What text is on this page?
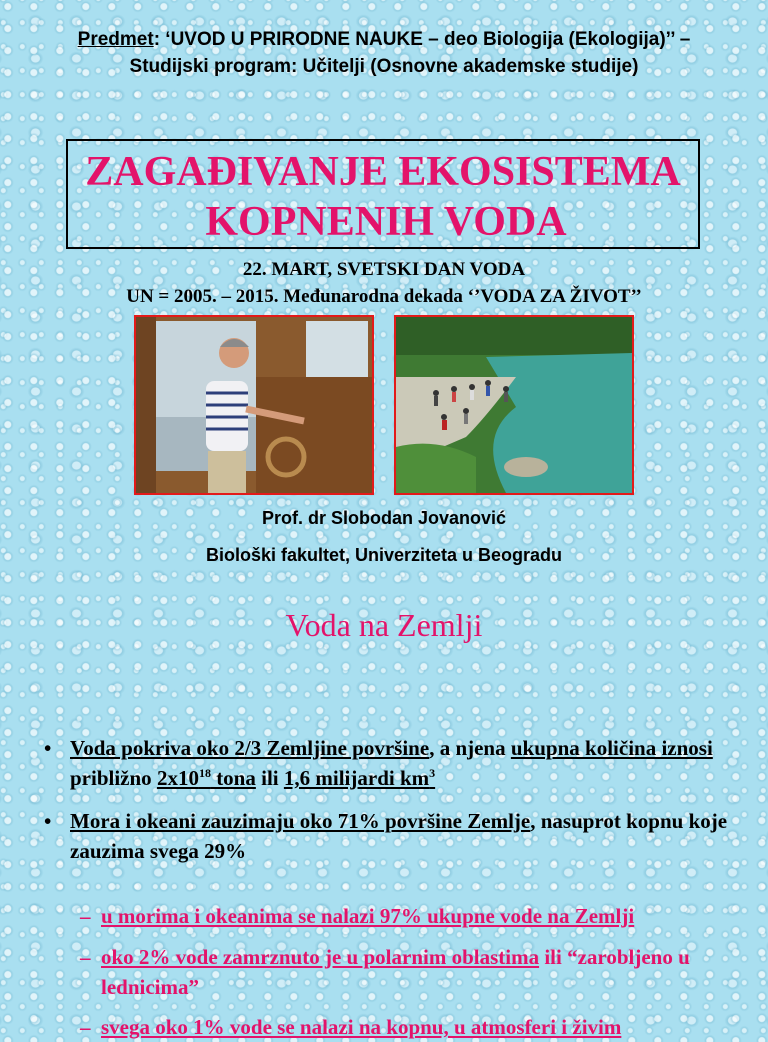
Predmet: ‘UVOD U PRIRODNE NAUKE – deo Biologija (Ekologija)’’ – Studijski program: Učitelji (Osnovne akademske studije)
ZAGAĐIVANJE EKOSISTEMA
KOPNENIH VODA
22. MART, SVETSKI DAN VODA
UN = 2005. – 2015. Međunarodna dekada ‘’VODA ZA ŽIVOT’’
Prof. dr Slobodan Jovanović
Biološki fakultet, Univerziteta u Beogradu
Voda na Zemlji
• Voda pokriva oko 2/3 Zemljine površine, a njena ukupna količina iznosi približno $2x10^{18}$ tona ili 1,6 milijardi $km^3$
• Mora i okeani zauzimaju oko 71% površine Zemlje, nasuprot kopnu koje zauzima svega 29%
– u morima i okeanima se nalazi 97% ukupne vode na Zemlji
– oko 2% vode zamrznuto je u polarnim oblastima ili “zarobljeno u lednicima”
– svega oko 1% vode se nalazi na kopnu, u atmosferi i živim
